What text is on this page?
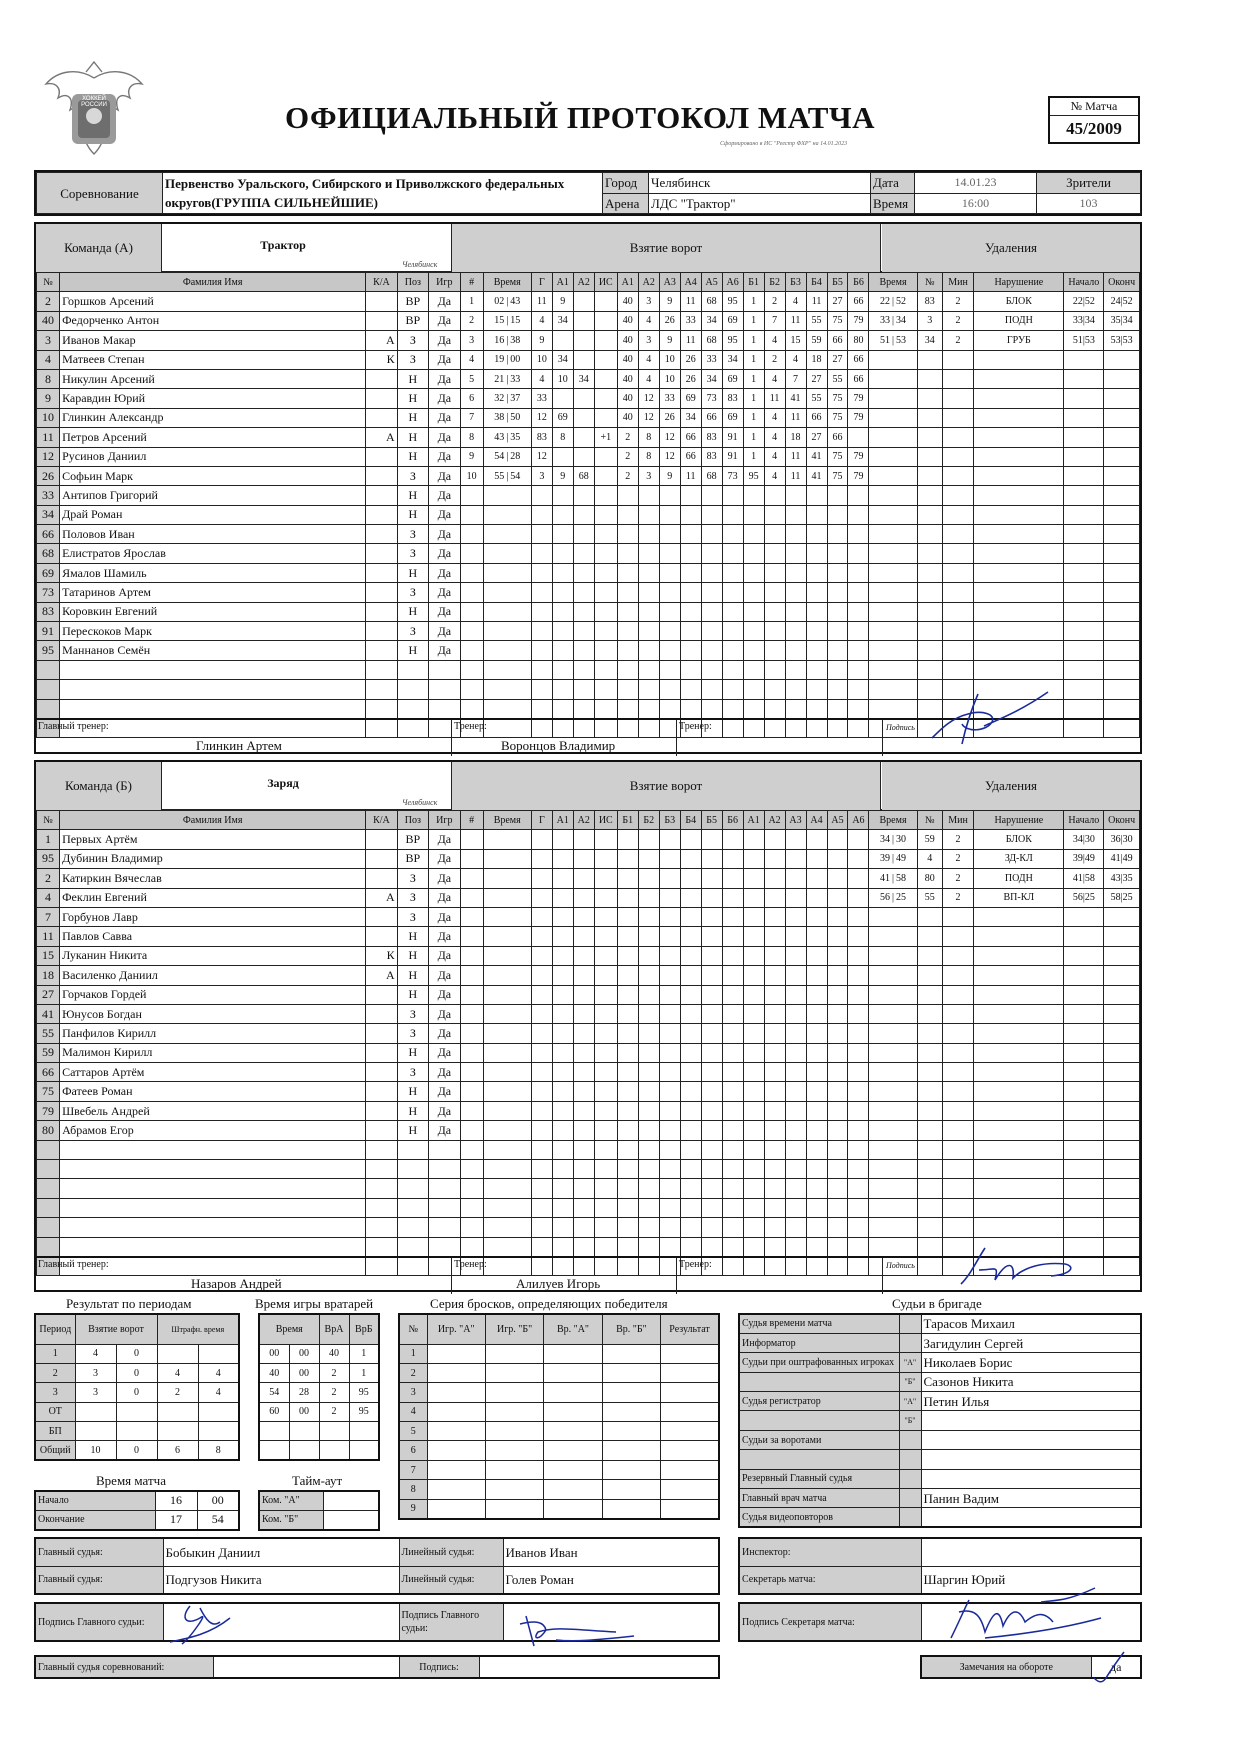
ХОККЕЙ РОССИИ	ОФИЦИАЛЬНЫЙ ПРОТОКОЛ МАТЧА
Сформировано в ИС "Реестр ФХР" на 14.01.2023
№ Матча
45/2009
Соревнование	Первенство Уральского, Сибирского и Приволжского федеральных округов(ГРУППА СИЛЬНЕЙШИЕ)	Город	Челябинск	Дата	14.01.23	Зрители
		Арена	ЛДС "Трактор"	Время	16:00	103
Команда (А)	Трактор
Челябинск
Взятие ворот	Удаления
№	Фамилия Имя	К/А	Поз	Игр	#	Время	Г	А1	А2	ИС	А1	А2	А3	А4	А5	А6	Б1	Б2	Б3	Б4	Б5	Б6	Время	№	Мин	Нарушение	Начало	Оконч
2	Горшков Арсений		ВР	Да	1	02 | 43	11	9			40	3	9	11	68	95	1	2	4	11	27	66	22 | 52	83	2	БЛОК	22|52	24|52
40	Федорченко Антон		ВР	Да	2	15 | 15	4	34			40	4	26	33	34	69	1	7	11	55	75	79	33 | 34	3	2	ПОДН	33|34	35|34
3	Иванов Макар	А	З	Да	3	16 | 38	9				40	3	9	11	68	95	1	4	15	59	66	80	51 | 53	34	2	ГРУБ	51|53	53|53
4	Матвеев Степан	К	З	Да	4	19 | 00	10	34			40	4	10	26	33	34	1	2	4	18	27	66						
8	Никулин Арсений		Н	Да	5	21 | 33	4	10	34		40	4	10	26	34	69	1	4	7	27	55	66						
9	Каравдин Юрий		Н	Да	6	32 | 37	33				40	12	33	69	73	83	1	11	41	55	75	79						
10	Глинкин Александр		Н	Да	7	38 | 50	12	69			40	12	26	34	66	69	1	4	11	66	75	79						
11	Петров Арсений	А	Н	Да	8	43 | 35	83	8		+1	2	8	12	66	83	91	1	4	18	27	66							
12	Русинов Даниил		Н	Да	9	54 | 28	12				2	8	12	66	83	91	1	4	11	41	75	79						
26	Софьин Марк		З	Да	10	55 | 54	3	9	68		2	3	9	11	68	73	95	4	11	41	75	79						
33	Антипов Григорий		Н	Да																								
34	Драй Роман		Н	Да																								
66	Половов Иван		З	Да																								
68	Елистратов Ярослав		З	Да																								
69	Ямалов Шамиль		Н	Да																								
73	Татаринов Артем		З	Да																								
83	Коровкин Евгений		Н	Да																								
91	Перескоков Марк		З	Да																								
95	Маннанов Семён		Н	Да																								

Главный тренер:
Глинкин Артем
Тренер:
Воронцов Владимир
Тренер:	Подпись
Команда (Б)	Заряд
Челябинск
Взятие ворот	Удаления
№	Фамилия Имя	К/А	Поз	Игр	#	Время	Г	А1	А2	ИС	Б1	Б2	Б3	Б4	Б5	Б6	А1	А2	А3	А4	А5	А6	Время	№	Мин	Нарушение	Начало	Оконч
1	Первых Артём		ВР	Да																			34 | 30	59	2	БЛОК	34|30	36|30
95	Дубинин Владимир		ВР	Да																			39 | 49	4	2	ЗД-КЛ	39|49	41|49
2	Катиркин Вячеслав		З	Да																			41 | 58	80	2	ПОДН	41|58	43|35
4	Феклин Евгений	А	З	Да																			56 | 25	55	2	ВП-КЛ	56|25	58|25
7	Горбунов Лавр		З	Да																								
11	Павлов Савва		Н	Да																								
15	Луканин Никита	К	Н	Да																								
18	Василенко Даниил	А	Н	Да																								
27	Горчаков Гордей		Н	Да																								
41	Юнусов Богдан		З	Да																								
55	Панфилов Кирилл		З	Да																								
59	Малимон Кирилл		Н	Да																								
66	Саттаров Артём		З	Да																								
75	Фатеев Роман		Н	Да																								
79	Швебель Андрей		Н	Да																								
80	Абрамов Егор		Н	Да																								

Главный тренер:
Назаров Андрей
Тренер:
Алилуев Игорь
Тренер:	Подпись
Результат по периодам
Период	Взятие ворот		Штрафн. время	
1	4	0		
2	3	0	4	4
3	3	0	2	4
ОТ				
БП				
Общий	10	0	6	8
Время игры вратарей
Время		ВрА	ВрБ
00	00	40	1
40	00	2	1
54	28	2	95
60	00	2	95

Время матча
Начало	16	00
Окончание	17	54
Тайм-аут
Ком. "А"	
Ком. "Б"	
Серия бросков, определяющих победителя
№	Игр. "А"	Игр. "Б"	Вр. "А"	Вр. "Б"	Результат
1					
2					
3					
4					
5					
6					
7					
8					
9					
Судьи в бригаде
Судья времени матча		Тарасов Михаил
Информатор		Загидулин Сергей
Судьи при оштрафованных игроках	"А"	Николаев Борис
	"Б"	Сазонов Никита
Судья регистратор	"А"	Петин Илья
	"Б"	
Судьи за воротами		

Резервный Главный судья		
Главный врач матча		Панин Вадим
Судья видеоповторов		
Главный судья:	Бобыкин Даниил	Линейный судья:	Иванов Иван
Главный судья:	Подгузов Никита	Линейный судья:	Голев Роман
Инспектор:	
Секретарь матча:	Шаргин Юрий
Подпись Главного судьи:		Подпись Главного судьи:	
Подпись Секретаря матча:	
Главный судья соревнований:		Подпись:		Замечания на обороте	да
